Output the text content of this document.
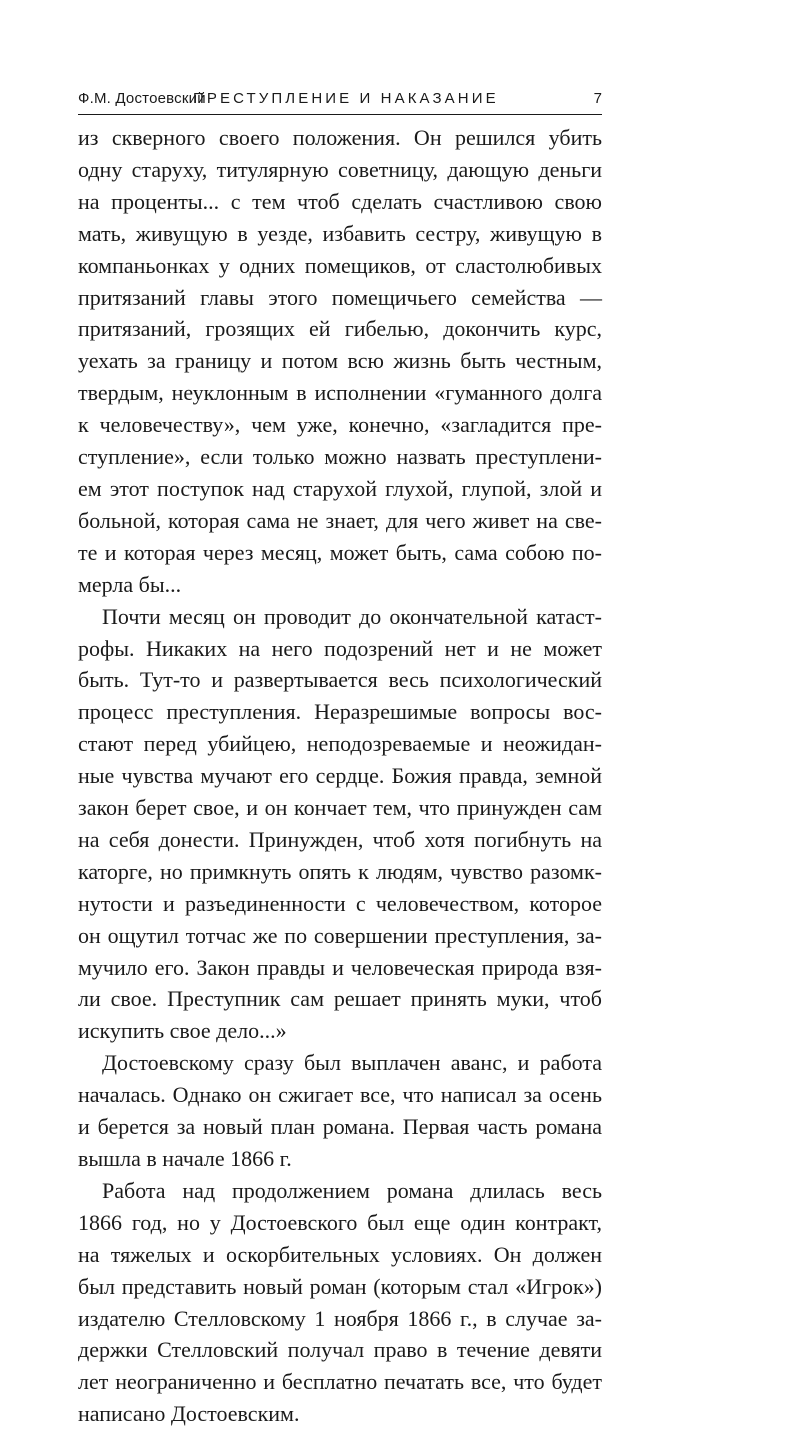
Ф.М. Достоевский
ПРЕСТУПЛЕНИЕ И НАКАЗАНИЕ	7

из скверного своего положения. Он решился убить
одну старуху, титулярную советницу, дающую деньги
на проценты... с тем чтоб сделать счастливою свою
мать, живущую в уезде, избавить сестру, живущую в
компаньонках у одних помещиков, от сластолюбивых
притязаний главы этого помещичьего семейства —
притязаний, грозящих ей гибелью, докончить курс,
уехать за границу и потом всю жизнь быть честным,
твердым, неуклонным в исполнении «гуманного долга
к человечеству», чем уже, конечно, «загладится пре-
ступление», если только можно назвать преступлени-
ем этот поступок над старухой глухой, глупой, злой и
больной, которая сама не знает, для чего живет на све-
те и которая через месяц, может быть, сама собою по-
мерла бы...

Почти месяц он проводит до окончательной катаст-
рофы. Никаких на него подозрений нет и не может
быть. Тут-то и развертывается весь психологический
процесс преступления. Неразрешимые вопросы вос-
стают перед убийцею, неподозреваемые и неожидан-
ные чувства мучают его сердце. Божия правда, земной
закон берет свое, и он кончает тем, что принужден сам
на себя донести. Принужден, чтоб хотя погибнуть на
каторге, но примкнуть опять к людям, чувство разомк-
нутости и разъединенности с человечеством, которое
он ощутил тотчас же по совершении преступления, за-
мучило его. Закон правды и человеческая природа взя-
ли свое. Преступник сам решает принять муки, чтоб
искупить свое дело...»

Достоевскому сразу был выплачен аванс, и работа
началась. Однако он сжигает все, что написал за осень
и берется за новый план романа. Первая часть романа
вышла в начале 1866 г.

Работа над продолжением романа длилась весь
1866 год, но у Достоевского был еще один контракт,
на тяжелых и оскорбительных условиях. Он должен
был представить новый роман (которым стал «Игрок»)
издателю Стелловскому 1 ноября 1866 г., в случае за-
держки Стелловский получал право в течение девяти
лет неограниченно и бесплатно печатать все, что будет
написано Достоевским.
